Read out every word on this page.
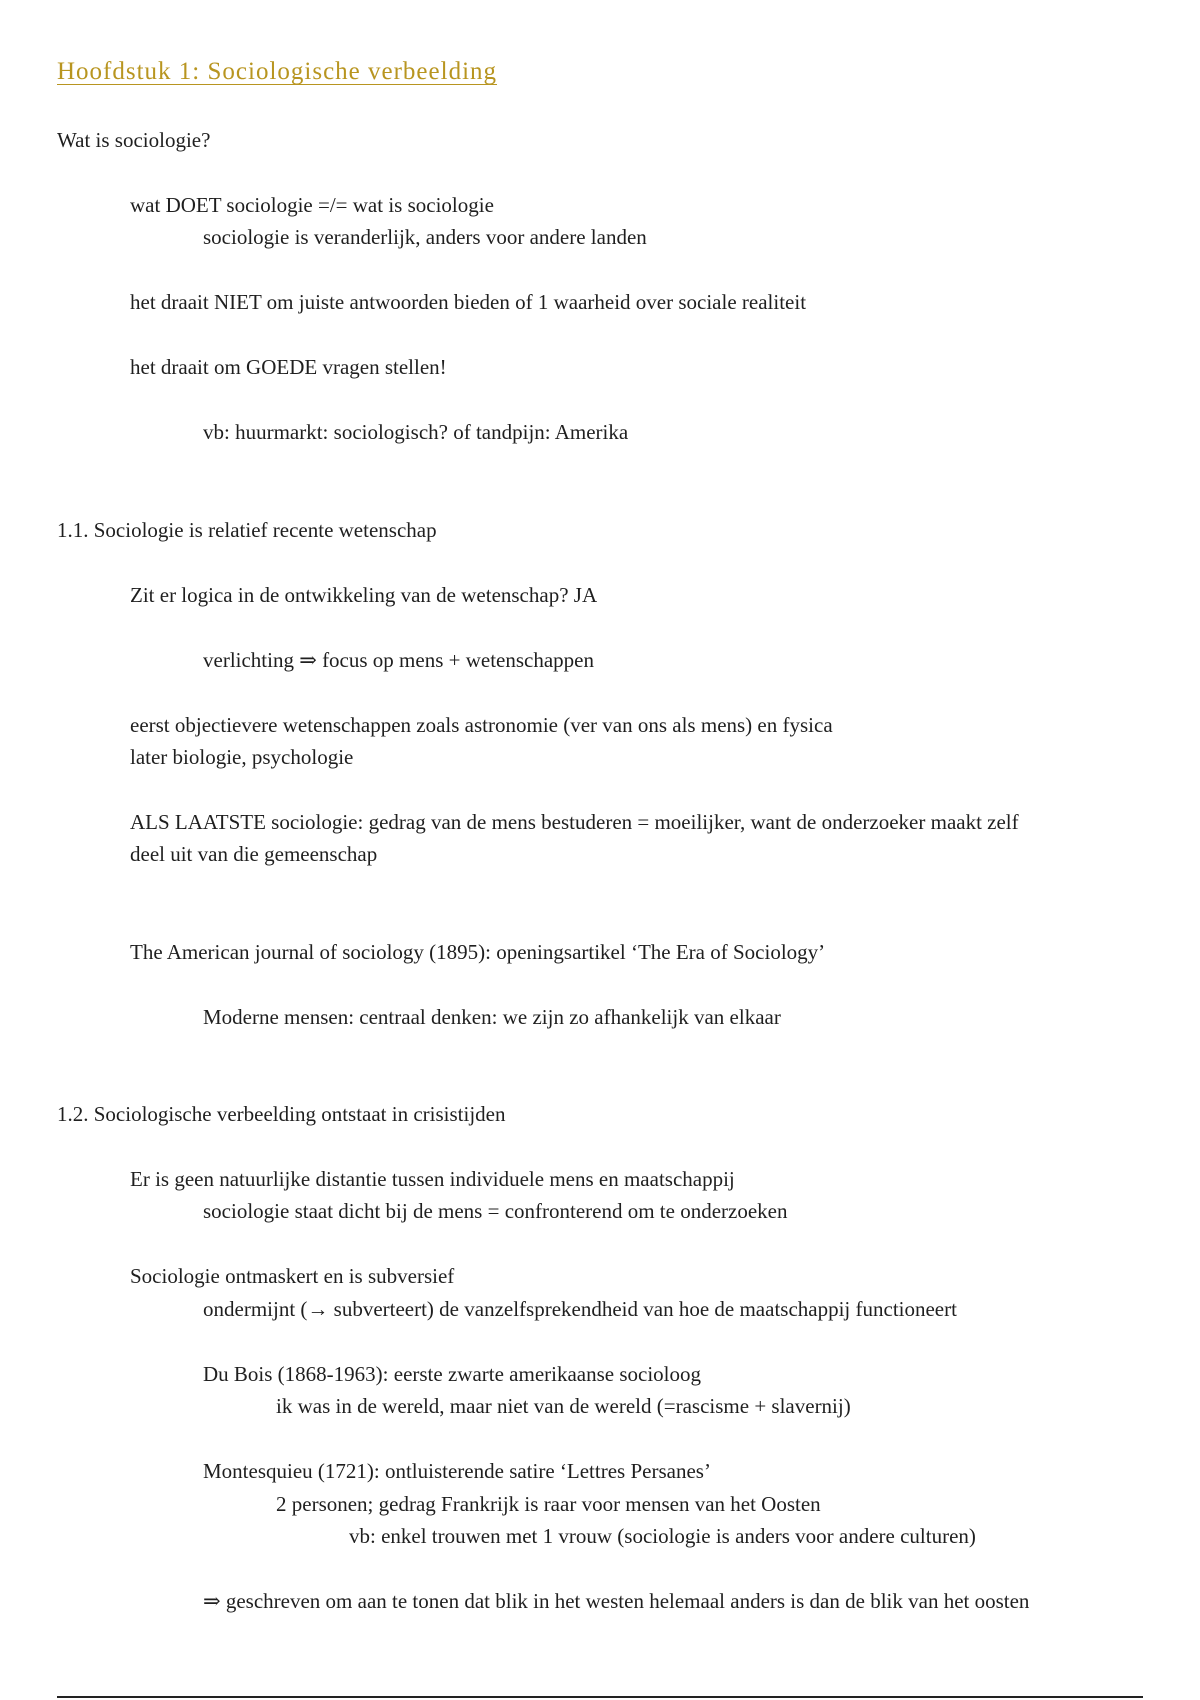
Hoofdstuk 1: Sociologische verbeelding
Wat is sociologie?
wat DOET sociologie =/= wat is sociologie
sociologie is veranderlijk, anders voor andere landen
het draait NIET om juiste antwoorden bieden of 1 waarheid over sociale realiteit
het draait om GOEDE vragen stellen!
vb: huurmarkt: sociologisch? of tandpijn: Amerika
1.1. Sociologie is relatief recente wetenschap
Zit er logica in de ontwikkeling van de wetenschap? JA
verlichting ⇒ focus op mens + wetenschappen
eerst objectievere wetenschappen zoals astronomie (ver van ons als mens) en fysica
later biologie, psychologie
ALS LAATSTE sociologie: gedrag van de mens bestuderen = moeilijker, want de onderzoeker maakt zelf
deel uit van die gemeenschap
The American journal of sociology (1895): openingsartikel ‘The Era of Sociology’
Moderne mensen: centraal denken: we zijn zo afhankelijk van elkaar
1.2. Sociologische verbeelding ontstaat in crisistijden
Er is geen natuurlijke distantie tussen individuele mens en maatschappij
sociologie staat dicht bij de mens = confronterend om te onderzoeken
Sociologie ontmaskert en is subversief
ondermijnt (→ subverteert) de vanzelfsprekendheid van hoe de maatschappij functioneert
Du Bois (1868-1963): eerste zwarte amerikaanse socioloog
ik was in de wereld, maar niet van de wereld (=rascisme + slavernij)
Montesquieu (1721): ontluisterende satire ‘Lettres Persanes’
2 personen; gedrag Frankrijk is raar voor mensen van het Oosten
vb: enkel trouwen met 1 vrouw (sociologie is anders voor andere culturen)
⇒ geschreven om aan te tonen dat blik in het westen helemaal anders is dan de blik van het oosten
